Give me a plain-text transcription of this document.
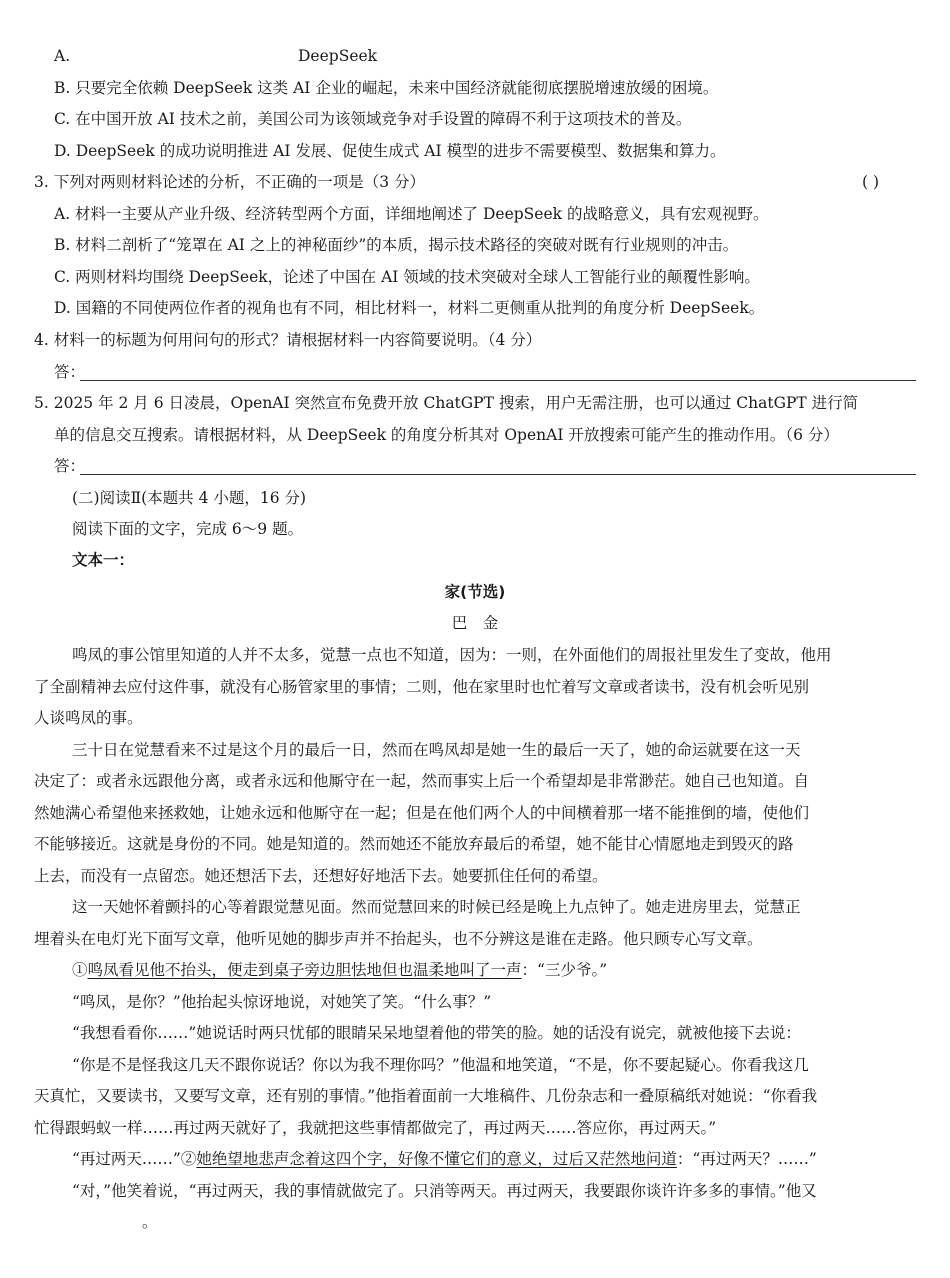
A.	DeepSeek
B. 只要完全依赖 DeepSeek 这类 AI 企业的崛起，未来中国经济就能彻底摆脱增速放缓的困境。
C. 在中国开放 AI 技术之前，美国公司为该领域竞争对手设置的障碍不利于这项技术的普及。
D. DeepSeek 的成功说明推进 AI 发展、促使生成式 AI 模型的进步不需要模型、数据集和算力。
3. 下列对两则材料论述的分析，不正确的一项是（3 分）	( )
A. 材料一主要从产业升级、经济转型两个方面，详细地阐述了 DeepSeek 的战略意义，具有宏观视野。
B. 材料二剖析了“笼罩在 AI 之上的神秘面纱”的本质，揭示技术路径的突破对既有行业规则的冲击。
C. 两则材料均围绕 DeepSeek，论述了中国在 AI 领域的技术突破对全球人工智能行业的颠覆性影响。
D. 国籍的不同使两位作者的视角也有不同，相比材料一，材料二更侧重从批判的角度分析 DeepSeek。
4. 材料一的标题为何用问句的形式？请根据材料一内容简要说明。（4 分）
答：
5. 2025 年 2 月 6 日凌晨，OpenAI 突然宣布免费开放 ChatGPT 搜索，用户无需注册，也可以通过 ChatGPT 进行简
单的信息交互搜索。请根据材料，从 DeepSeek 的角度分析其对 OpenAI 开放搜索可能产生的推动作用。（6 分）
答：
(二)阅读Ⅱ(本题共 4 小题，16 分)
阅读下面的文字，完成 6～9 题。
文本一：
家(节选)
巴　金
鸣凤的事公馆里知道的人并不太多，觉慧一点也不知道，因为：一则，在外面他们的周报社里发生了变故，他用
了全副精神去应付这件事，就没有心肠管家里的事情；二则，他在家里时也忙着写文章或者读书，没有机会听见别
人谈鸣凤的事。
三十日在觉慧看来不过是这个月的最后一日，然而在鸣凤却是她一生的最后一天了，她的命运就要在这一天
决定了：或者永远跟他分离，或者永远和他厮守在一起，然而事实上后一个希望却是非常渺茫。她自己也知道。自
然她满心希望他来拯救她，让她永远和他厮守在一起；但是在他们两个人的中间横着那一堵不能推倒的墙，使他们
不能够接近。这就是身份的不同。她是知道的。然而她还不能放弃最后的希望，她不能甘心情愿地走到毁灭的路
上去，而没有一点留恋。她还想活下去，还想好好地活下去。她要抓住任何的希望。
这一天她怀着颤抖的心等着跟觉慧见面。然而觉慧回来的时候已经是晚上九点钟了。她走进房里去，觉慧正
埋着头在电灯光下面写文章，他听见她的脚步声并不抬起头，也不分辨这是谁在走路。他只顾专心写文章。
①鸣凤看见他不抬头，便走到桌子旁边胆怯地但也温柔地叫了一声：“三少爷。”
“鸣凤，是你？”他抬起头惊讶地说，对她笑了笑。“什么事？”
“我想看看你……”她说话时两只忧郁的眼睛呆呆地望着他的带笑的脸。她的话没有说完，就被他接下去说：
“你是不是怪我这几天不跟你说话？你以为我不理你吗？”他温和地笑道，“不是，你不要起疑心。你看我这几
天真忙，又要读书，又要写文章，还有别的事情。”他指着面前一大堆稿件、几份杂志和一叠原稿纸对她说：“你看我
忙得跟蚂蚁一样……再过两天就好了，我就把这些事情都做完了，再过两天……答应你，再过两天。”
“再过两天……”②她绝望地悲声念着这四个字，好像不懂它们的意义，过后又茫然地问道：“再过两天？……”
“对，”他笑着说，“再过两天，我的事情就做完了。只消等两天。再过两天，我要跟你谈许许多多的事情。”他又
。
